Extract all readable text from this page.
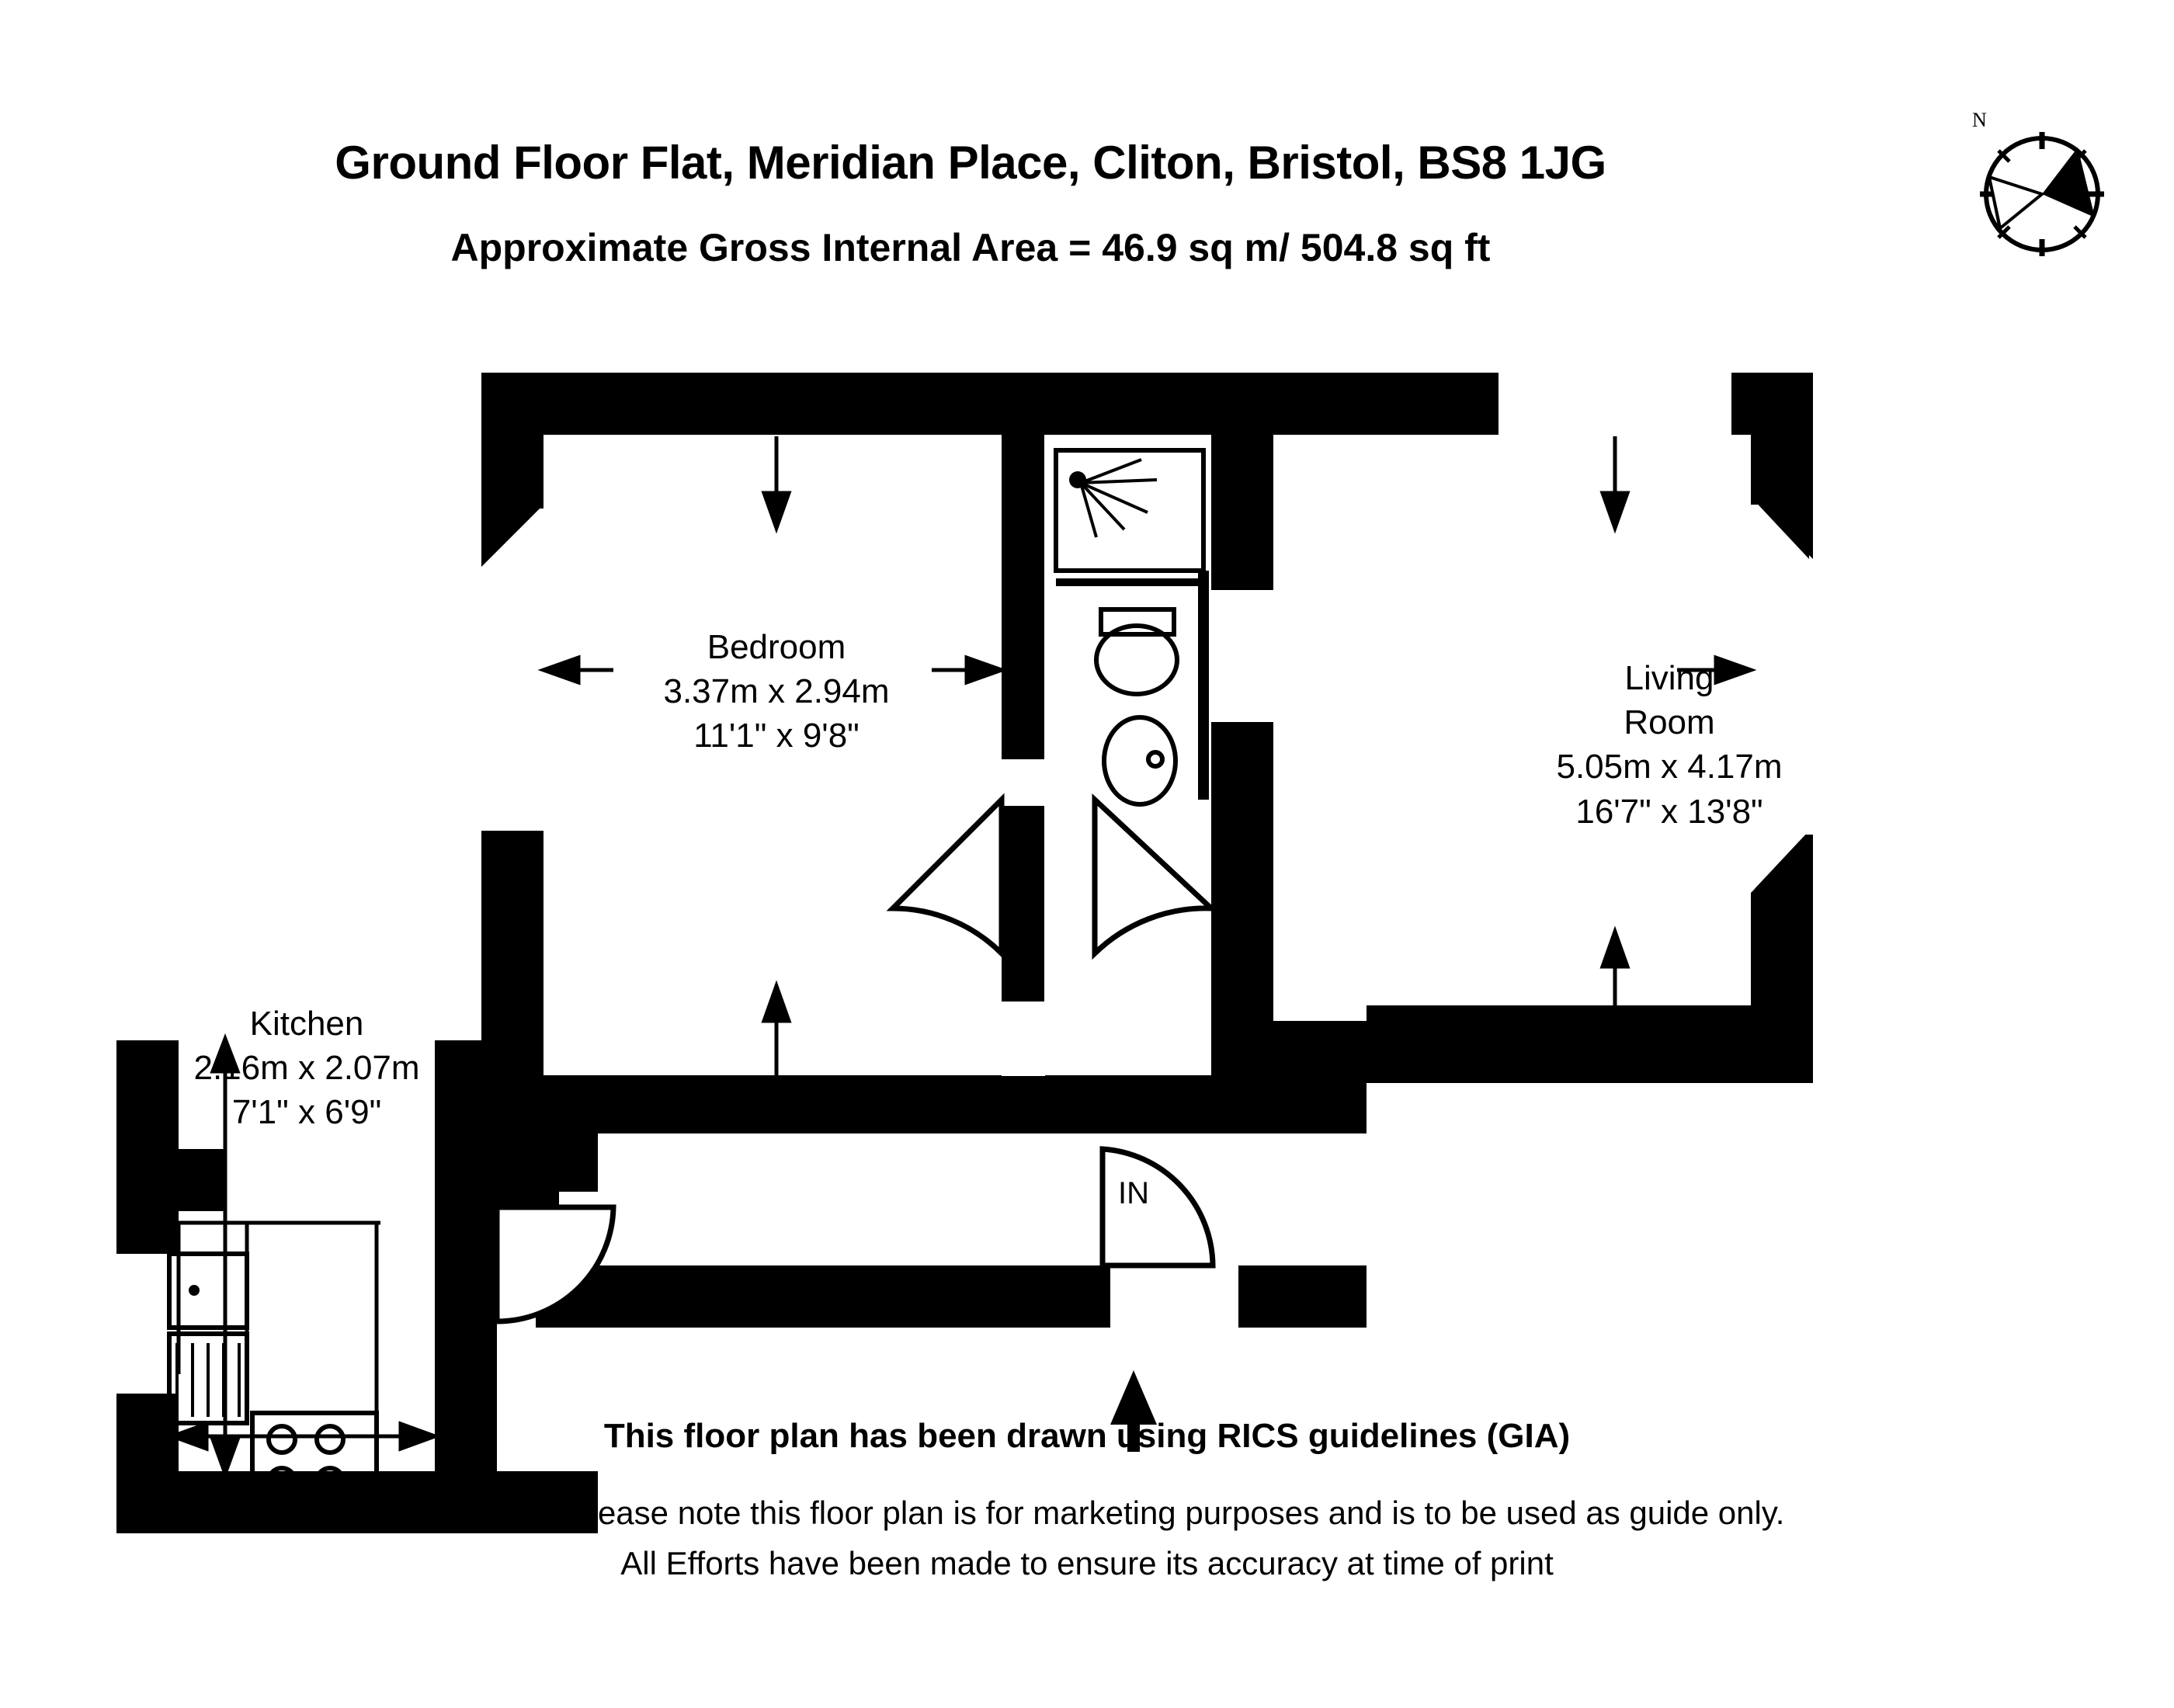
Ground Floor Flat, Meridian Place, Cliton, Bristol, BS8 1JG
Approximate Gross Internal Area = 46.9 sq m/ 504.8 sq ft
N
Bedroom
3.37m x 2.94m
11'1" x 9'8"
Living
Room
5.05m x 4.17m
16'7" x 13'8"
Kitchen
2.16m x 2.07m
7'1" x 6'9"
IN
This floor plan has been drawn using RICS guidelines (GIA)
Disclaimer : Please note this floor plan is for marketing purposes and is to be used as guide only.
All Efforts have been made to ensure its accuracy at time of print
